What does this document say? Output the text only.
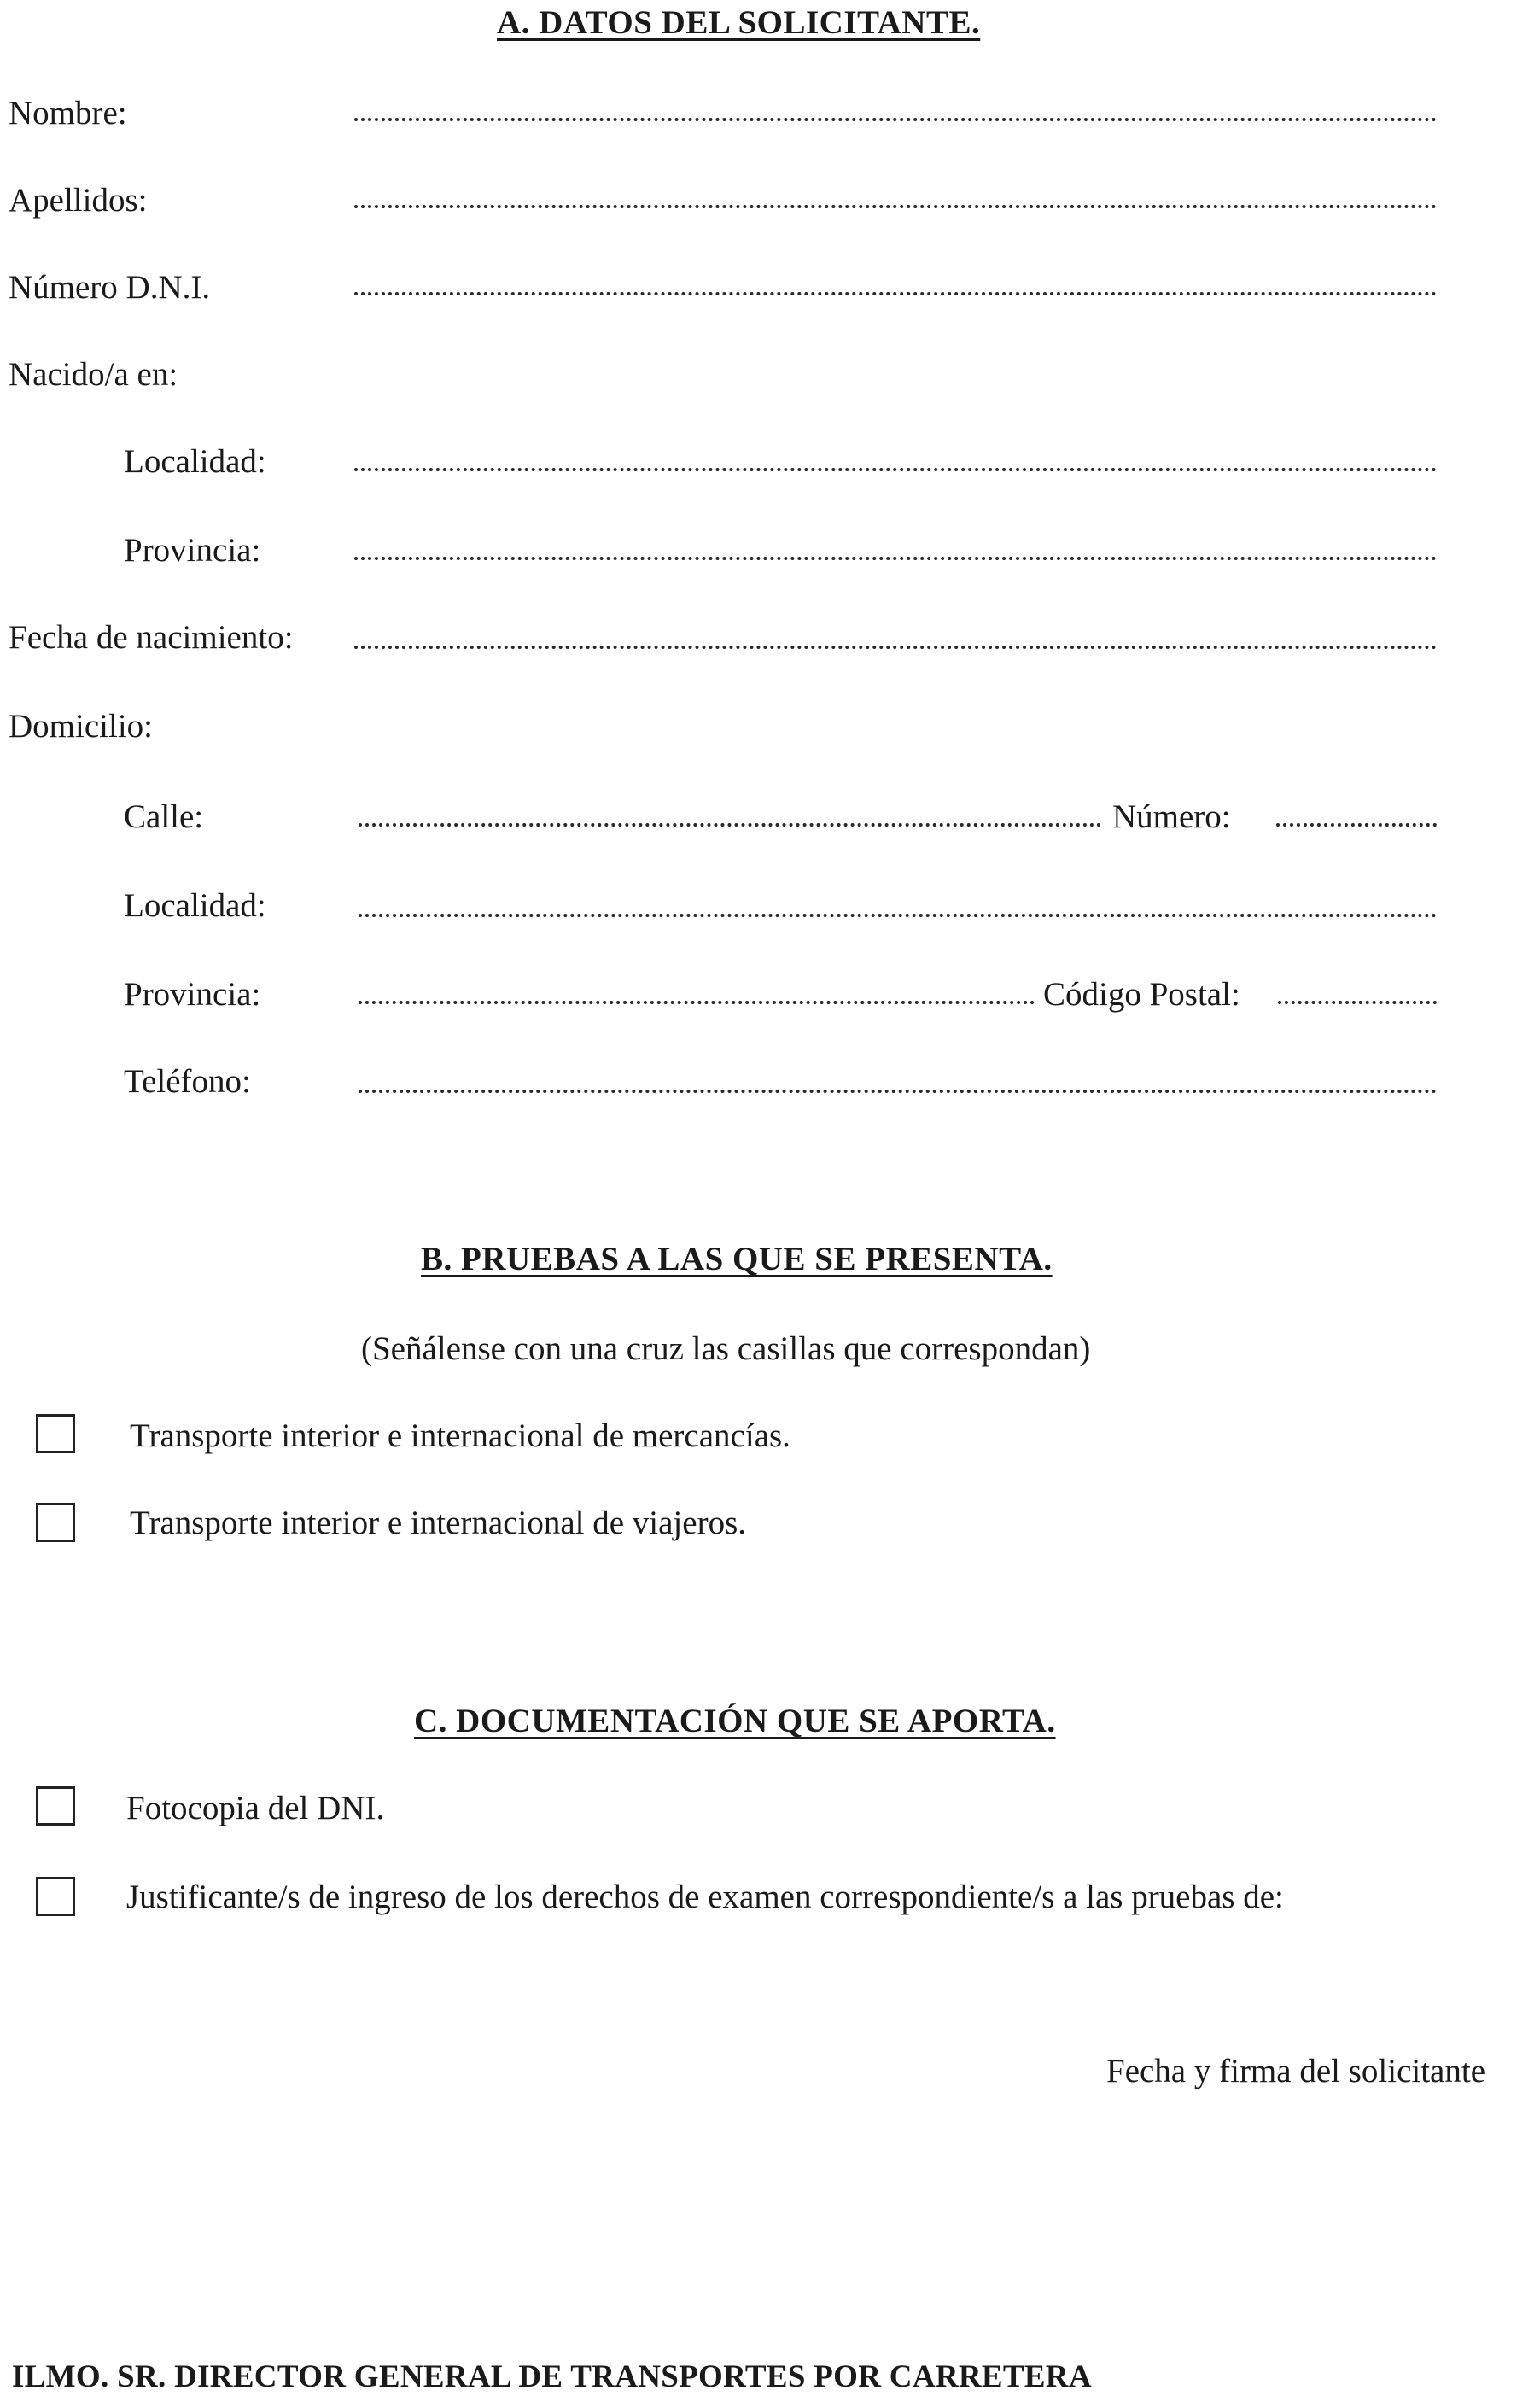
A. DATOS DEL SOLICITANTE.
Nombre:
Apellidos:
Número D.N.I.
Nacido/a en:
Localidad:
Provincia:
Fecha de nacimiento:
Domicilio:
Calle:	Número:
Localidad:
Provincia:	Código Postal:
Teléfono:
B. PRUEBAS A LAS QUE SE PRESENTA.
(Señálense con una cruz las casillas que correspondan)
Transporte interior e internacional de mercancías.
Transporte interior e internacional de viajeros.
C. DOCUMENTACIÓN QUE SE APORTA.
Fotocopia del DNI.
Justificante/s de ingreso de los derechos de examen correspondiente/s a las pruebas de:
Fecha y firma del solicitante
ILMO. SR. DIRECTOR GENERAL DE TRANSPORTES POR CARRETERA
